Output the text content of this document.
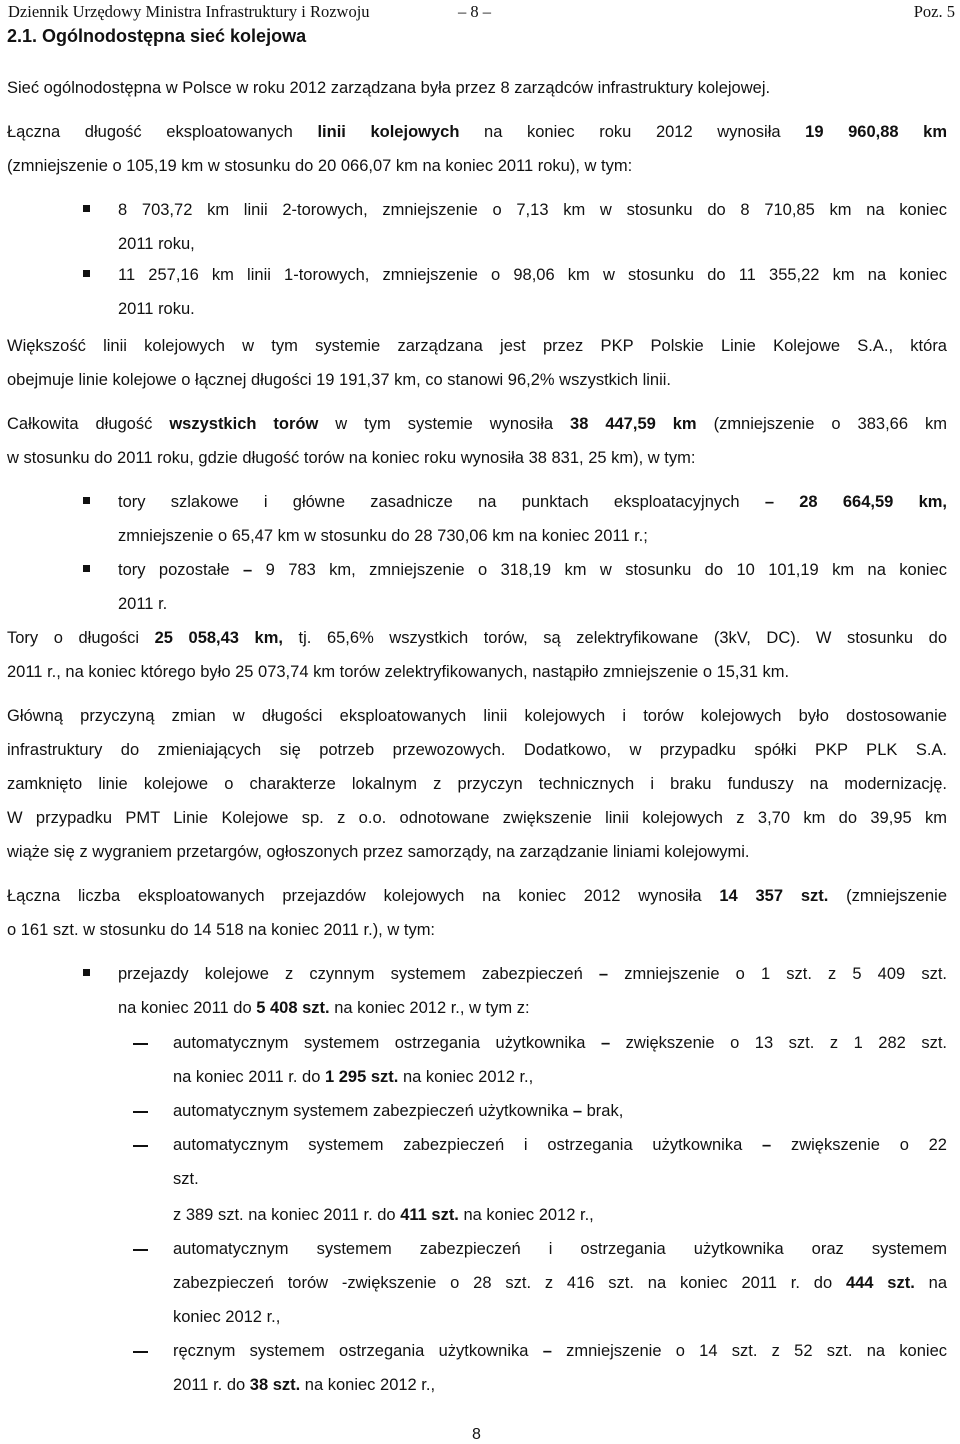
Dziennik Urzędowy Ministra Infrastruktury i Rozwoju	– 8 –	Poz. 5
2.1. Ogólnodostępna sieć kolejowa
Sieć ogólnodostępna w Polsce w roku 2012 zarządzana była przez 8 zarządców infrastruktury kolejowej.
Łączna długość eksploatowanych linii kolejowych na koniec roku 2012 wynosiła 19 960,88 km
(zmniejszenie o 105,19 km w stosunku do 20 066,07 km na koniec 2011 roku), w tym:
8 703,72 km linii 2-torowych, zmniejszenie o 7,13 km w stosunku do 8 710,85 km na koniec
2011 roku,
11 257,16 km linii 1-torowych, zmniejszenie o 98,06 km w stosunku do 11 355,22 km na koniec
2011 roku.
Większość linii kolejowych w tym systemie zarządzana jest przez PKP Polskie Linie Kolejowe S.A., która
obejmuje linie kolejowe o łącznej długości 19 191,37 km, co stanowi 96,2% wszystkich linii.
Całkowita długość wszystkich torów w tym systemie wynosiła 38 447,59 km (zmniejszenie o 383,66 km
w stosunku do 2011 roku, gdzie długość torów na koniec roku wynosiła 38 831, 25 km), w tym:
tory szlakowe i główne zasadnicze na punktach eksploatacyjnych – 28 664,59 km,
zmniejszenie o 65,47 km w stosunku do 28 730,06 km na koniec 2011 r.;
tory pozostałe – 9 783 km, zmniejszenie o 318,19 km w stosunku do 10 101,19 km na koniec
2011 r.
Tory o długości 25 058,43 km, tj. 65,6% wszystkich torów, są zelektryfikowane (3kV, DC). W stosunku do
2011 r., na koniec którego było 25 073,74 km torów zelektryfikowanych, nastąpiło zmniejszenie o 15,31 km.
Główną przyczyną zmian w długości eksploatowanych linii kolejowych i torów kolejowych było dostosowanie
infrastruktury do zmieniających się potrzeb przewozowych. Dodatkowo, w przypadku spółki PKP PLK S.A.
zamknięto linie kolejowe o charakterze lokalnym z przyczyn technicznych i braku funduszy na modernizację.
W przypadku PMT Linie Kolejowe sp. z o.o. odnotowane zwiększenie linii kolejowych z 3,70 km do 39,95 km
wiąże się z wygraniem przetargów, ogłoszonych przez samorządy, na zarządzanie liniami kolejowymi.
Łączna liczba eksploatowanych przejazdów kolejowych na koniec 2012 wynosiła 14 357 szt. (zmniejszenie
o 161 szt. w stosunku do 14 518 na koniec 2011 r.), w tym:
przejazdy kolejowe z czynnym systemem zabezpieczeń – zmniejszenie o 1 szt. z 5 409 szt.
na koniec 2011 do 5 408 szt. na koniec 2012 r., w tym z:
automatycznym systemem ostrzegania użytkownika – zwiększenie o 13 szt. z 1 282 szt.
na koniec 2011 r. do 1 295 szt. na koniec 2012 r.,
automatycznym systemem zabezpieczeń użytkownika – brak,
automatycznym systemem zabezpieczeń i ostrzegania użytkownika – zwiększenie o 22
szt.
z 389 szt. na koniec 2011 r. do 411 szt. na koniec 2012 r.,
automatycznym systemem zabezpieczeń i ostrzegania użytkownika oraz systemem
zabezpieczeń torów -zwiększenie o 28 szt. z 416 szt. na koniec 2011 r. do 444 szt. na
koniec 2012 r.,
ręcznym systemem ostrzegania użytkownika – zmniejszenie o 14 szt. z 52 szt. na koniec
2011 r. do 38 szt. na koniec 2012 r.,
8
